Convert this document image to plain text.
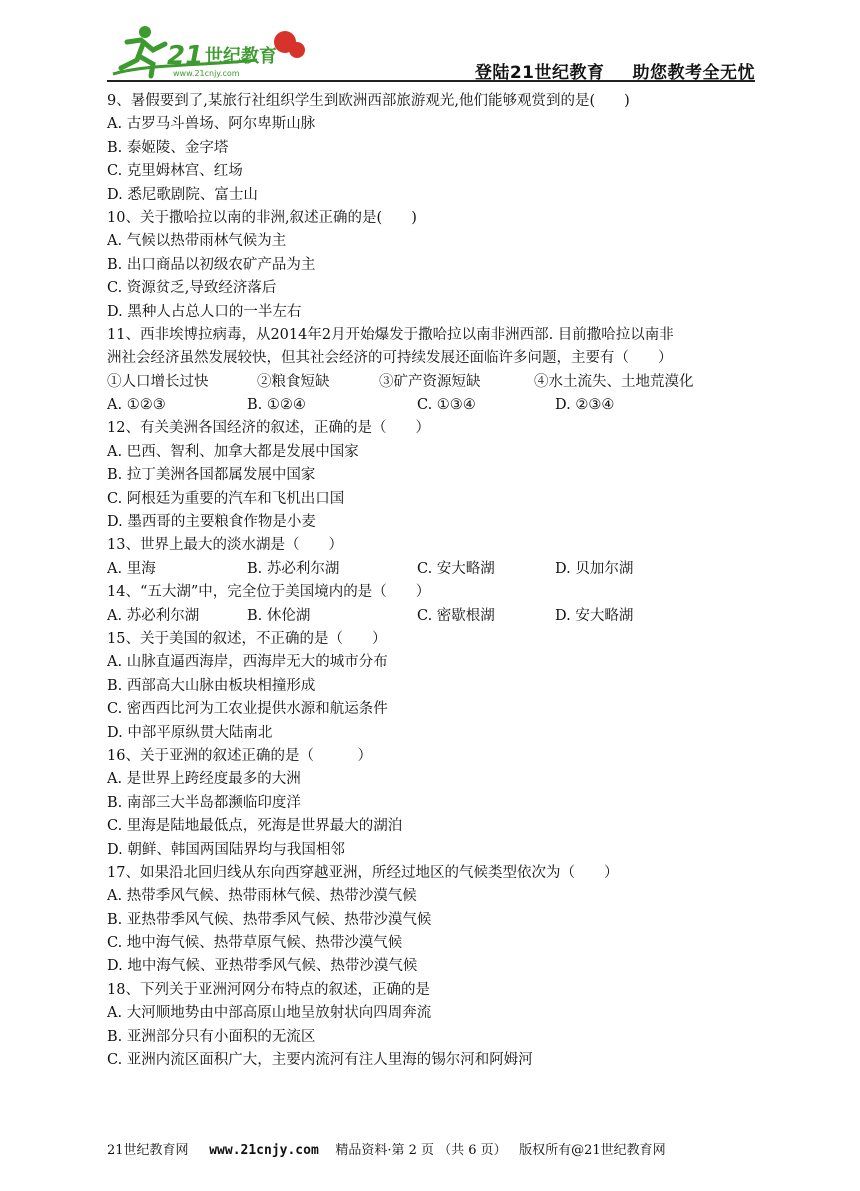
21 世纪教育
www.21cnjy.com	登陆21世纪教育 助您教考全无忧
9、暑假要到了,某旅行社组织学生到欧洲西部旅游观光,他们能够观赏到的是(　　)
A. 古罗马斗兽场、阿尔卑斯山脉
B. 泰姬陵、金字塔
C. 克里姆林宫、红场
D. 悉尼歌剧院、富士山
10、关于撒哈拉以南的非洲,叙述正确的是(　　)
A. 气候以热带雨林气候为主
B. 出口商品以初级农矿产品为主
C. 资源贫乏,导致经济落后
D. 黑种人占总人口的一半左右
11、西非埃博拉病毒，从2014年2月开始爆发于撒哈拉以南非洲西部. 目前撒哈拉以南非
洲社会经济虽然发展较快，但其社会经济的可持续发展还面临许多问题，主要有（　　）
①人口增长过快	②粮食短缺	③矿产资源短缺	④水土流失、土地荒漠化
A. ①②③	B. ①②④	C. ①③④	D. ②③④
12、有关美洲各国经济的叙述，正确的是（　　）
A. 巴西、智利、加拿大都是发展中国家
B. 拉丁美洲各国都属发展中国家
C. 阿根廷为重要的汽车和飞机出口国
D. 墨西哥的主要粮食作物是小麦
13、世界上最大的淡水湖是（　　）
A. 里海	B. 苏必利尔湖	C. 安大略湖	D. 贝加尔湖
14、“五大湖”中，完全位于美国境内的是（　　）
A. 苏必利尔湖	B. 休伦湖	C. 密歇根湖	D. 安大略湖
15、关于美国的叙述，不正确的是（　　）
A. 山脉直逼西海岸，西海岸无大的城市分布
B. 西部高大山脉由板块相撞形成
C. 密西西比河为工农业提供水源和航运条件
D. 中部平原纵贯大陆南北
16、关于亚洲的叙述正确的是（　　　）
A. 是世界上跨经度最多的大洲
B. 南部三大半岛都濒临印度洋
C. 里海是陆地最低点，死海是世界最大的湖泊
D. 朝鲜、韩国两国陆界均与我国相邻
17、如果沿北回归线从东向西穿越亚洲，所经过地区的气候类型依次为（　　）
A. 热带季风气候、热带雨林气候、热带沙漠气候
B. 亚热带季风气候、热带季风气候、热带沙漠气候
C. 地中海气候、热带草原气候、热带沙漠气候
D. 地中海气候、亚热带季风气候、热带沙漠气候
18、下列关于亚洲河网分布特点的叙述，正确的是
A. 大河顺地势由中部高原山地呈放射状向四周奔流
B. 亚洲部分只有小面积的无流区
C. 亚洲内流区面积广大，主要内流河有注人里海的锡尔河和阿姆河
21世纪教育网 www.21cnjy.com 精品资料·第 2 页 （共 6 页） 版权所有@21世纪教育网
